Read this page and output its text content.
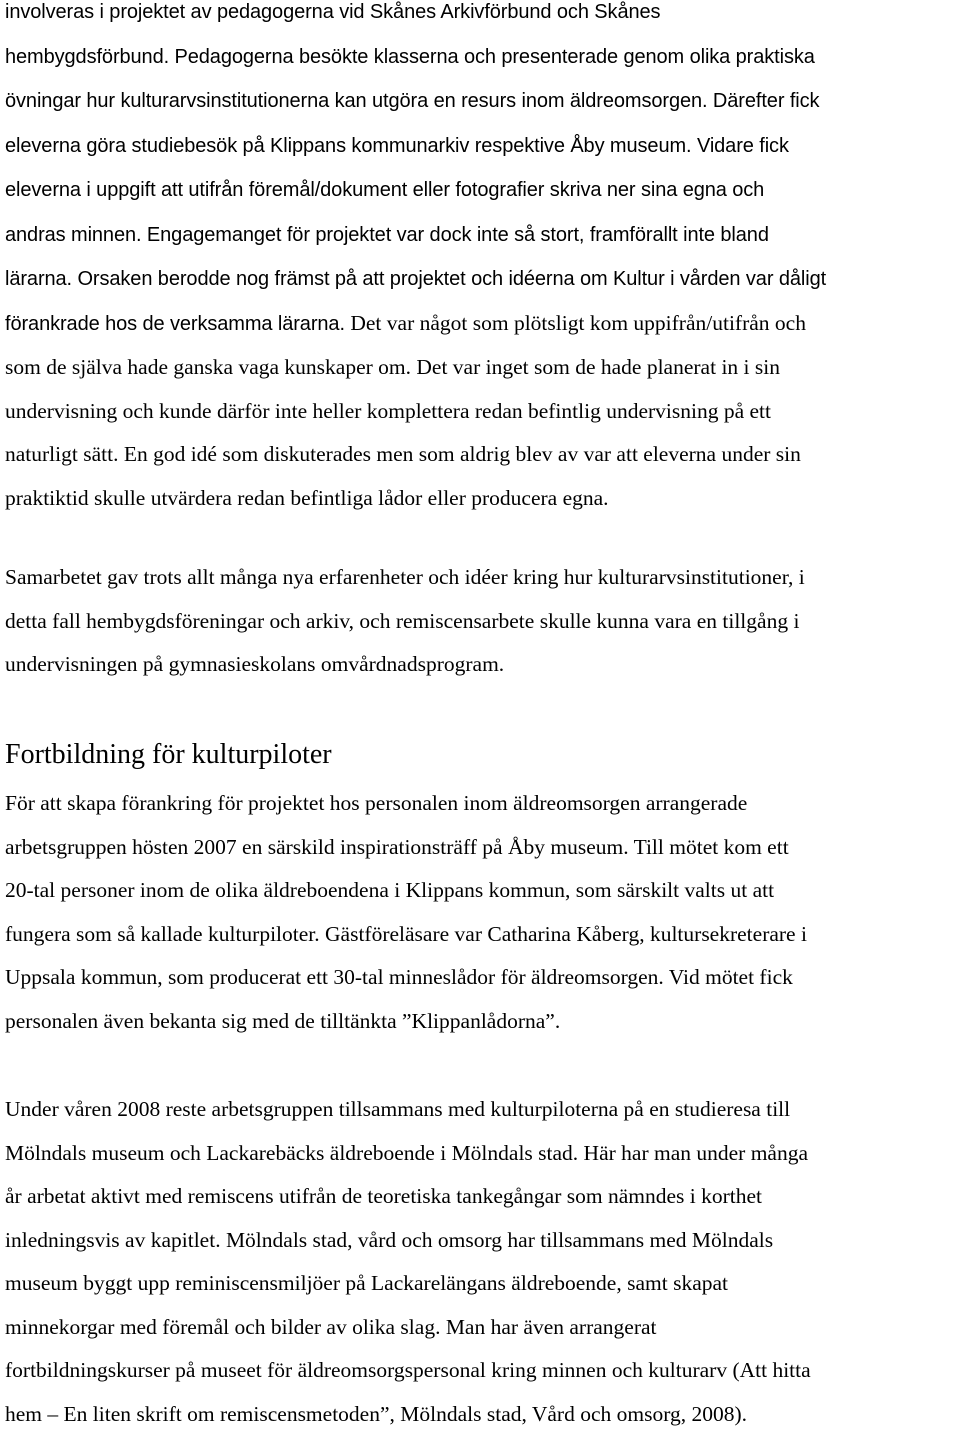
involveras i projektet av pedagogerna vid Skånes Arkivförbund och Skånes
hembygdsförbund. Pedagogerna besökte klasserna och presenterade genom olika praktiska
övningar hur kulturarvsinstitutionerna kan utgöra en resurs inom äldreomsorgen. Därefter fick
eleverna göra studiebesök på Klippans kommunarkiv respektive Åby museum. Vidare fick
eleverna i uppgift att utifrån föremål/dokument eller fotografier skriva ner sina egna och
andras minnen. Engagemanget för projektet var dock inte så stort, framförallt inte bland
lärarna. Orsaken berodde nog främst på att projektet och idéerna om Kultur i vården var dåligt
förankrade hos de verksamma lärarna. Det var något som plötsligt kom uppifrån/utifrån och
som de själva hade ganska vaga kunskaper om. Det var inget som de hade planerat in i sin
undervisning och kunde därför inte heller komplettera redan befintlig undervisning på ett
naturligt sätt. En god idé som diskuterades men som aldrig blev av var att eleverna under sin
praktiktid skulle utvärdera redan befintliga lådor eller producera egna.
Samarbetet gav trots allt många nya erfarenheter och idéer kring hur kulturarvsinstitutioner, i
detta fall hembygdsföreningar och arkiv, och remiscensarbete skulle kunna vara en tillgång i
undervisningen på gymnasieskolans omvårdnadsprogram.
Fortbildning för kulturpiloter
För att skapa förankring för projektet hos personalen inom äldreomsorgen arrangerade
arbetsgruppen hösten 2007 en särskild inspirationsträff på Åby museum. Till mötet kom ett
20-tal personer inom de olika äldreboendena i Klippans kommun, som särskilt valts ut att
fungera som så kallade kulturpiloter. Gästföreläsare var Catharina Kåberg, kultursekreterare i
Uppsala kommun, som producerat ett 30-tal minneslådor för äldreomsorgen. Vid mötet fick
personalen även bekanta sig med de tilltänkta ”Klippanlådorna”.
Under våren 2008 reste arbetsgruppen tillsammans med kulturpiloterna på en studieresa till
Mölndals museum och Lackarebäcks äldreboende i Mölndals stad. Här har man under många
år arbetat aktivt med remiscens utifrån de teoretiska tankegångar som nämndes i korthet
inledningsvis av kapitlet. Mölndals stad, vård och omsorg har tillsammans med Mölndals
museum byggt upp reminiscensmiljöer på Lackarelängans äldreboende, samt skapat
minnekorgar med föremål och bilder av olika slag. Man har även arrangerat
fortbildningskurser på museet för äldreomsorgspersonal kring minnen och kulturarv (Att hitta
hem – En liten skrift om remiscensmetoden”, Mölndals stad, Vård och omsorg, 2008).
